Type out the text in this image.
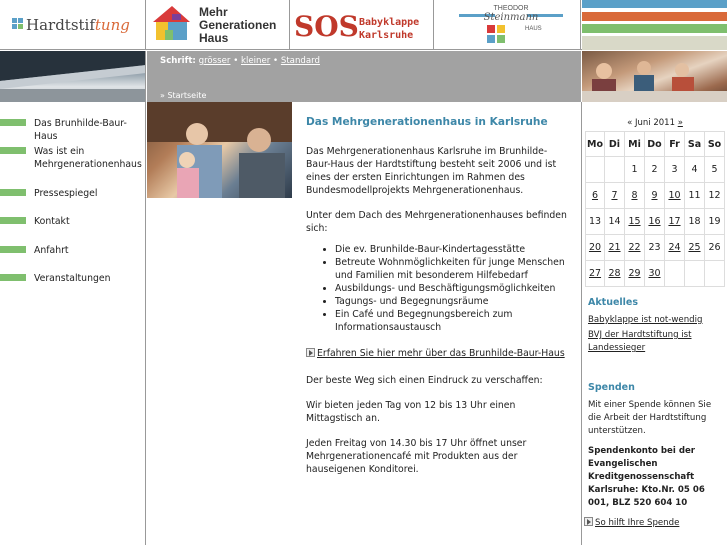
Hardtstiftung
Mehr
Generationen
Haus SOS Babyklappe
Karlsruhe
THEODOR
Steinmann
HAUS
Schrift: grösser • kleiner • Standard
» Startseite
Das Brunhilde-Baur-Haus
Was ist ein Mehrgenerationenhaus
Pressespiegel
Kontakt
Anfahrt
Veranstaltungen
Das Mehrgenerationenhaus in Karlsruhe

Das Mehrgenerationenhaus Karlsruhe im Brunhilde-Baur-Haus der Hardtstiftung besteht seit 2006 und ist eines der ersten Einrichtungen im Rahmen des Bundesmodellprojekts Mehrgenerationenhaus.

Unter dem Dach des Mehrgenerationenhauses befinden sich:

• Die ev. Brunhilde-Baur-Kindertagesstätte
• Betreute Wohnmöglichkeiten für junge Menschen und Familien mit besonderem Hilfebedarf
• Ausbildungs- und Beschäftigungsmöglichkeiten
• Tagungs- und Begegnungsräume
• Ein Café und Begegnungsbereich zum Informationsaustausch
Erfahren Sie hier mehr über das Brunhilde-Baur-Haus

Der beste Weg sich einen Eindruck zu verschaffen:

Wir bieten jeden Tag von 12 bis 13 Uhr einen Mittagstisch an.

Jeden Freitag von 14.30 bis 17 Uhr öffnet unser Mehrgenerationencafé mit Produkten aus der hauseigenen Konditorei.

« Juni 2011 »
Mo	Di	Mi	Do	Fr	Sa	So
		1	2	3	4	5
6	7	8	9	10	11	12
13	14	15	16	17	18	19
20	21	22	23	24	25	26
27	28	29	30			
Aktuelles
Babyklappe ist not-wendig
BVJ der Hardtstiftung ist Landessieger
Spenden
Mit einer Spende können Sie die Arbeit der Hardtstiftung unterstützen.
Spendenkonto bei der Evangelischen Kreditgenossenschaft Karlsruhe: Kto.Nr. 05 06 001, BLZ 520 604 10
So hilft Ihre Spende
